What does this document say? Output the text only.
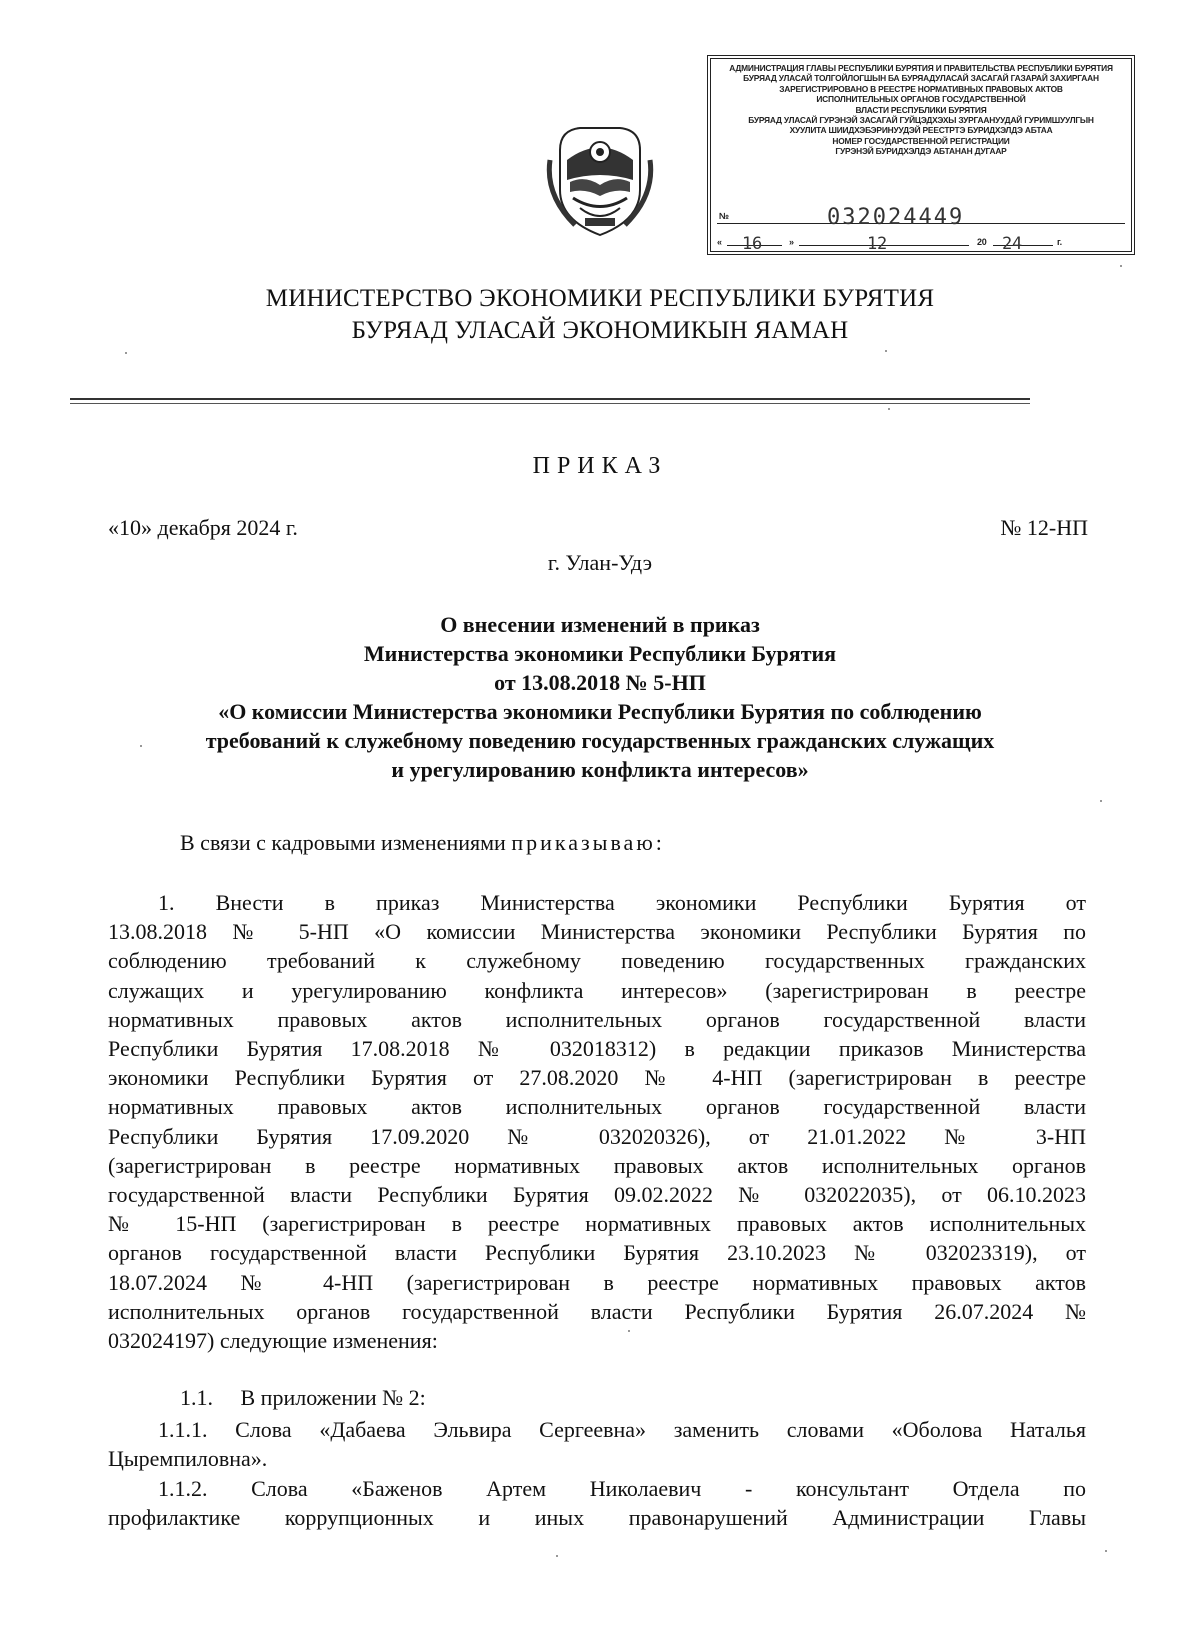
АДМИНИСТРАЦИЯ ГЛАВЫ РЕСПУБЛИКИ БУРЯТИЯ И ПРАВИТЕЛЬСТВА РЕСПУБЛИКИ БУРЯТИЯ
БУРЯАД УЛАСАЙ ТОЛГОЙЛОГШЫН БА БУРЯАДУЛАСАЙ ЗАСАГАЙ ГАЗАРАЙ ЗАХИРГААН
ЗАРЕГИСТРИРОВАНО В РЕЕСТРЕ НОРМАТИВНЫХ ПРАВОВЫХ АКТОВ
ИСПОЛНИТЕЛЬНЫХ ОРГАНОВ ГОСУДАРСТВЕННОЙ
ВЛАСТИ РЕСПУБЛИКИ БУРЯТИЯ
БУРЯАД УЛАСАЙ ГУРЭНЭЙ ЗАСАГАЙ ГУЙЦЭДХЭХЫ ЗУРГААНУУДАЙ ГУРИМШУУЛГЫН
ХУУЛИТА ШИИДХЭБЭРИНУУДЭЙ РЕЕСТРТЭ БУРИДХЭЛДЭ АБТАА
НОМЕР ГОСУДАРСТВЕННОЙ РЕГИСТРАЦИИ
ГУРЭНЭЙ БУРИДХЭЛДЭ АБТАНАН ДУГААР
№	032024449
« 16	»	12	20 24	г.
МИНИСТЕРСТВО ЭКОНОМИКИ РЕСПУБЛИКИ БУРЯТИЯ
БУРЯАД УЛАСАЙ ЭКОНОМИКЫН ЯАМАН
ПРИКАЗ
«10» декабря 2024 г.	№ 12-НП
г. Улан-Удэ
О внесении изменений в приказ
Министерства экономики Республики Бурятия
от 13.08.2018 № 5-НП
«О комиссии Министерства экономики Республики Бурятия по соблюдению
требований к служебному поведению государственных гражданских служащих
и урегулированию конфликта интересов»
В связи с кадровыми изменениями приказываю:
1. Внести в приказ Министерства экономики Республики Бурятия от
13.08.2018 № 5-НП «О комиссии Министерства экономики Республики Бурятия по
соблюдению требований к служебному поведению государственных гражданских
служащих и урегулированию конфликта интересов» (зарегистрирован в реестре
нормативных правовых актов исполнительных органов государственной власти
Республики Бурятия 17.08.2018 № 032018312) в редакции приказов Министерства
экономики Республики Бурятия от 27.08.2020 № 4-НП (зарегистрирован в реестре
нормативных правовых актов исполнительных органов государственной власти
Республики Бурятия 17.09.2020 № 032020326), от 21.01.2022 № 3-НП
(зарегистрирован в реестре нормативных правовых актов исполнительных органов
государственной власти Республики Бурятия 09.02.2022 № 032022035), от 06.10.2023
№ 15-НП (зарегистрирован в реестре нормативных правовых актов исполнительных
органов государственной власти Республики Бурятия 23.10.2023 № 032023319), от
18.07.2024 № 4-НП (зарегистрирован в реестре нормативных правовых актов
исполнительных органов государственной власти Республики Бурятия 26.07.2024 №
032024197) следующие изменения:
1.1.     В приложении № 2:
1.1.1. Слова «Дабаева Эльвира Сергеевна» заменить словами «Оболова Наталья
Цыремпиловна».
1.1.2. Слова «Баженов Артем Николаевич - консультант Отдела по
профилактике коррупционных и иных правонарушений Администрации Главы
